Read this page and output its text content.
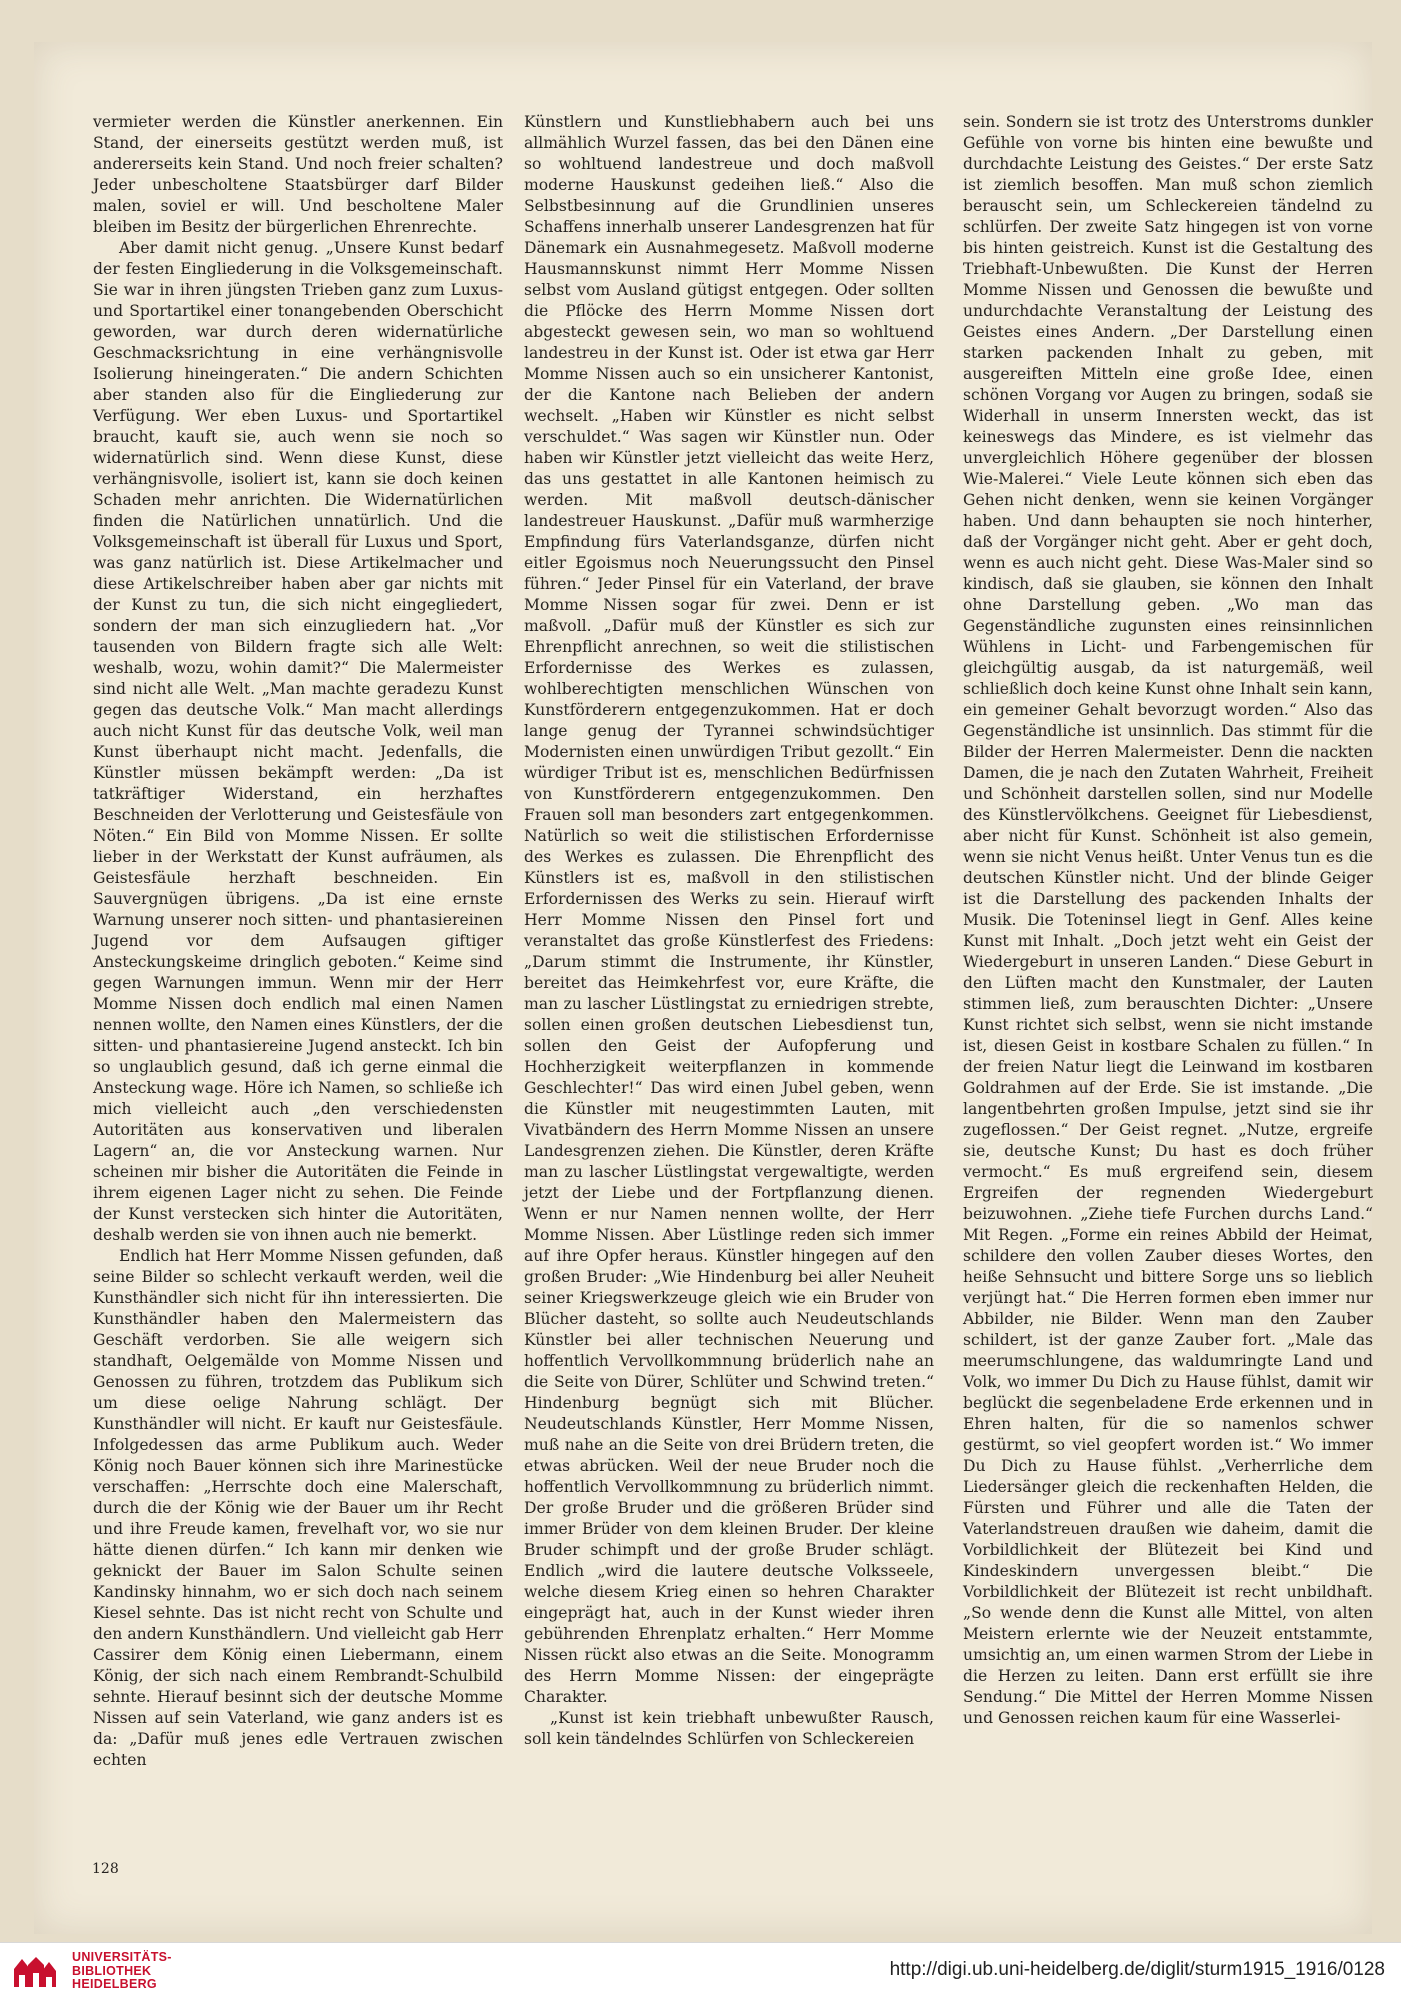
vermieter werden die Künstler anerkennen. Ein Stand, der einerseits gestützt werden muß, ist andererseits kein Stand. Und noch freier schalten? Jeder unbescholtene Staatsbürger darf Bilder malen, soviel er will. Und bescholtene Maler bleiben im Besitz der bürgerlichen Ehrenrechte.

Aber damit nicht genug. „Unsere Kunst bedarf der festen Eingliederung in die Volksgemeinschaft. Sie war in ihren jüngsten Trieben ganz zum Luxus- und Sportartikel einer tonangebenden Oberschicht geworden, war durch deren widernatürliche Geschmacksrichtung in eine verhängnisvolle Isolierung hineingeraten.“ Die andern Schichten aber standen also für die Eingliederung zur Verfügung. Wer eben Luxus- und Sportartikel braucht, kauft sie, auch wenn sie noch so widernatürlich sind. Wenn diese Kunst, diese verhängnisvolle, isoliert ist, kann sie doch keinen Schaden mehr anrichten. Die Widernatürlichen finden die Natürlichen unnatürlich. Und die Volksgemeinschaft ist überall für Luxus und Sport, was ganz natürlich ist. Diese Artikelmacher und diese Artikelschreiber haben aber gar nichts mit der Kunst zu tun, die sich nicht eingegliedert, sondern der man sich einzugliedern hat. „Vor tausenden von Bildern fragte sich alle Welt: weshalb, wozu, wohin damit?“ Die Malermeister sind nicht alle Welt. „Man machte geradezu Kunst gegen das deutsche Volk.“ Man macht allerdings auch nicht Kunst für das deutsche Volk, weil man Kunst überhaupt nicht macht. Jedenfalls, die Künstler müssen bekämpft werden: „Da ist tatkräftiger Widerstand, ein herzhaftes Beschneiden der Verlotterung und Geistesfäule von Nöten.“ Ein Bild von Momme Nissen. Er sollte lieber in der Werkstatt der Kunst aufräumen, als Geistesfäule herzhaft beschneiden. Ein Sauvergnügen übrigens. „Da ist eine ernste Warnung unserer noch sitten- und phantasiereinen Jugend vor dem Aufsaugen giftiger Ansteckungskeime dringlich geboten.“ Keime sind gegen Warnungen immun. Wenn mir der Herr Momme Nissen doch endlich mal einen Namen nennen wollte, den Namen eines Künstlers, der die sitten- und phantasiereine Jugend ansteckt. Ich bin so unglaublich gesund, daß ich gerne einmal die Ansteckung wage. Höre ich Namen, so schließe ich mich vielleicht auch „den verschiedensten Autoritäten aus konservativen und liberalen Lagern“ an, die vor Ansteckung warnen. Nur scheinen mir bisher die Autoritäten die Feinde in ihrem eigenen Lager nicht zu sehen. Die Feinde der Kunst verstecken sich hinter die Autoritäten, deshalb werden sie von ihnen auch nie bemerkt.

Endlich hat Herr Momme Nissen gefunden, daß seine Bilder so schlecht verkauft werden, weil die Kunsthändler sich nicht für ihn interessierten. Die Kunsthändler haben den Malermeistern das Geschäft verdorben. Sie alle weigern sich standhaft, Oelgemälde von Momme Nissen und Genossen zu führen, trotzdem das Publikum sich um diese oelige Nahrung schlägt. Der Kunsthändler will nicht. Er kauft nur Geistesfäule. Infolgedessen das arme Publikum auch. Weder König noch Bauer können sich ihre Marinestücke verschaffen: „Herrschte doch eine Malerschaft, durch die der König wie der Bauer um ihr Recht und ihre Freude kamen, frevelhaft vor, wo sie nur hätte dienen dürfen.“ Ich kann mir denken wie geknickt der Bauer im Salon Schulte seinen Kandinsky hinnahm, wo er sich doch nach seinem Kiesel sehnte. Das ist nicht recht von Schulte und den andern Kunsthändlern. Und vielleicht gab Herr Cassirer dem König einen Liebermann, einem König, der sich nach einem Rembrandt-Schulbild sehnte. Hierauf besinnt sich der deutsche Momme Nissen auf sein Vaterland, wie ganz anders ist es da: „Dafür muß jenes edle Vertrauen zwischen echten

Künstlern und Kunstliebhabern auch bei uns allmählich Wurzel fassen, das bei den Dänen eine so wohltuend landestreue und doch maßvoll moderne Hauskunst gedeihen ließ.“ Also die Selbstbesinnung auf die Grundlinien unseres Schaffens innerhalb unserer Landesgrenzen hat für Dänemark ein Ausnahmegesetz. Maßvoll moderne Hausmannskunst nimmt Herr Momme Nissen selbst vom Ausland gütigst entgegen. Oder sollten die Pflöcke des Herrn Momme Nissen dort abgesteckt gewesen sein, wo man so wohltuend landestreu in der Kunst ist. Oder ist etwa gar Herr Momme Nissen auch so ein unsicherer Kantonist, der die Kantone nach Belieben der andern wechselt. „Haben wir Künstler es nicht selbst verschuldet.“ Was sagen wir Künstler nun. Oder haben wir Künstler jetzt vielleicht das weite Herz, das uns gestattet in alle Kantonen heimisch zu werden. Mit maßvoll deutsch-dänischer landestreuer Hauskunst. „Dafür muß warmherzige Empfindung fürs Vaterlandsganze, dürfen nicht eitler Egoismus noch Neuerungssucht den Pinsel führen.“ Jeder Pinsel für ein Vaterland, der brave Momme Nissen sogar für zwei. Denn er ist maßvoll. „Dafür muß der Künstler es sich zur Ehrenpflicht anrechnen, so weit die stilistischen Erfordernisse des Werkes es zulassen, wohlberechtigten menschlichen Wünschen von Kunstförderern entgegenzukommen. Hat er doch lange genug der Tyrannei schwindsüchtiger Modernisten einen unwürdigen Tribut gezollt.“ Ein würdiger Tribut ist es, menschlichen Bedürfnissen von Kunstförderern entgegenzukommen. Den Frauen soll man besonders zart entgegenkommen. Natürlich so weit die stilistischen Erfordernisse des Werkes es zulassen. Die Ehrenpflicht des Künstlers ist es, maßvoll in den stilistischen Erfordernissen des Werks zu sein. Hierauf wirft Herr Momme Nissen den Pinsel fort und veranstaltet das große Künstlerfest des Friedens: „Darum stimmt die Instrumente, ihr Künstler, bereitet das Heimkehrfest vor, eure Kräfte, die man zu lascher Lüstlingstat zu erniedrigen strebte, sollen einen großen deutschen Liebesdienst tun, sollen den Geist der Aufopferung und Hochherzigkeit weiterpflanzen in kommende Geschlechter!“ Das wird einen Jubel geben, wenn die Künstler mit neugestimmten Lauten, mit Vivatbändern des Herrn Momme Nissen an unsere Landesgrenzen ziehen. Die Künstler, deren Kräfte man zu lascher Lüstlingstat vergewaltigte, werden jetzt der Liebe und der Fortpflanzung dienen. Wenn er nur Namen nennen wollte, der Herr Momme Nissen. Aber Lüstlinge reden sich immer auf ihre Opfer heraus. Künstler hingegen auf den großen Bruder: „Wie Hindenburg bei aller Neuheit seiner Kriegswerkzeuge gleich wie ein Bruder von Blücher dasteht, so sollte auch Neudeutschlands Künstler bei aller technischen Neuerung und hoffentlich Vervollkommnung brüderlich nahe an die Seite von Dürer, Schlüter und Schwind treten.“ Hindenburg begnügt sich mit Blücher. Neudeutschlands Künstler, Herr Momme Nissen, muß nahe an die Seite von drei Brüdern treten, die etwas abrücken. Weil der neue Bruder noch die hoffentlich Vervollkommnung zu brüderlich nimmt. Der große Bruder und die größeren Brüder sind immer Brüder von dem kleinen Bruder. Der kleine Bruder schimpft und der große Bruder schlägt. Endlich „wird die lautere deutsche Volksseele, welche diesem Krieg einen so hehren Charakter eingeprägt hat, auch in der Kunst wieder ihren gebührenden Ehrenplatz erhalten.“ Herr Momme Nissen rückt also etwas an die Seite. Monogramm des Herrn Momme Nissen: der eingeprägte Charakter.

„Kunst ist kein triebhaft unbewußter Rausch, soll kein tändelndes Schlürfen von Schleckereien

sein. Sondern sie ist trotz des Unterstroms dunkler Gefühle von vorne bis hinten eine bewußte und durchdachte Leistung des Geistes.“ Der erste Satz ist ziemlich besoffen. Man muß schon ziemlich berauscht sein, um Schleckereien tändelnd zu schlürfen. Der zweite Satz hingegen ist von vorne bis hinten geistreich. Kunst ist die Gestaltung des Triebhaft-Unbewußten. Die Kunst der Herren Momme Nissen und Genossen die bewußte und undurchdachte Veranstaltung der Leistung des Geistes eines Andern. „Der Darstellung einen starken packenden Inhalt zu geben, mit ausgereiften Mitteln eine große Idee, einen schönen Vorgang vor Augen zu bringen, sodaß sie Widerhall in unserm Innersten weckt, das ist keineswegs das Mindere, es ist vielmehr das unvergleichlich Höhere gegenüber der blossen Wie-Malerei.“ Viele Leute können sich eben das Gehen nicht denken, wenn sie keinen Vorgänger haben. Und dann behaupten sie noch hinterher, daß der Vorgänger nicht geht. Aber er geht doch, wenn es auch nicht geht. Diese Was-Maler sind so kindisch, daß sie glauben, sie können den Inhalt ohne Darstellung geben. „Wo man das Gegenständliche zugunsten eines reinsinnlichen Wühlens in Licht- und Farbengemischen für gleichgültig ausgab, da ist naturgemäß, weil schließlich doch keine Kunst ohne Inhalt sein kann, ein gemeiner Gehalt bevorzugt worden.“ Also das Gegenständliche ist unsinnlich. Das stimmt für die Bilder der Herren Malermeister. Denn die nackten Damen, die je nach den Zutaten Wahrheit, Freiheit und Schönheit darstellen sollen, sind nur Modelle des Künstlervölkchens. Geeignet für Liebesdienst, aber nicht für Kunst. Schönheit ist also gemein, wenn sie nicht Venus heißt. Unter Venus tun es die deutschen Künstler nicht. Und der blinde Geiger ist die Darstellung des packenden Inhalts der Musik. Die Toteninsel liegt in Genf. Alles keine Kunst mit Inhalt. „Doch jetzt weht ein Geist der Wiedergeburt in unseren Landen.“ Diese Geburt in den Lüften macht den Kunstmaler, der Lauten stimmen ließ, zum berauschten Dichter: „Unsere Kunst richtet sich selbst, wenn sie nicht imstande ist, diesen Geist in kostbare Schalen zu füllen.“ In der freien Natur liegt die Leinwand im kostbaren Goldrahmen auf der Erde. Sie ist imstande. „Die langentbehrten großen Impulse, jetzt sind sie ihr zugeflossen.“ Der Geist regnet. „Nutze, ergreife sie, deutsche Kunst; Du hast es doch früher vermocht.“ Es muß ergreifend sein, diesem Ergreifen der regnenden Wiedergeburt beizuwohnen. „Ziehe tiefe Furchen durchs Land.“ Mit Regen. „Forme ein reines Abbild der Heimat, schildere den vollen Zauber dieses Wortes, den heiße Sehnsucht und bittere Sorge uns so lieblich verjüngt hat.“ Die Herren formen eben immer nur Abbilder, nie Bilder. Wenn man den Zauber schildert, ist der ganze Zauber fort. „Male das meerumschlungene, das waldumringte Land und Volk, wo immer Du Dich zu Hause fühlst, damit wir beglückt die segenbeladene Erde erkennen und in Ehren halten, für die so namenlos schwer gestürmt, so viel geopfert worden ist.“ Wo immer Du Dich zu Hause fühlst. „Verherrliche dem Liedersänger gleich die reckenhaften Helden, die Fürsten und Führer und alle die Taten der Vaterlandstreuen draußen wie daheim, damit die Vorbildlichkeit der Blütezeit bei Kind und Kindeskindern unvergessen bleibt.“ Die Vorbildlichkeit der Blütezeit ist recht unbildhaft. „So wende denn die Kunst alle Mittel, von alten Meistern erlernte wie der Neuzeit entstammte, umsichtig an, um einen warmen Strom der Liebe in die Herzen zu leiten. Dann erst erfüllt sie ihre Sendung.“ Die Mittel der Herren Momme Nissen und Genossen reichen kaum für eine Wasserlei-

128
UNIVERSITÄTS-
BIBLIOTHEK
HEIDELBERG
http://digi.ub.uni-heidelberg.de/diglit/sturm1915_1916/0128
